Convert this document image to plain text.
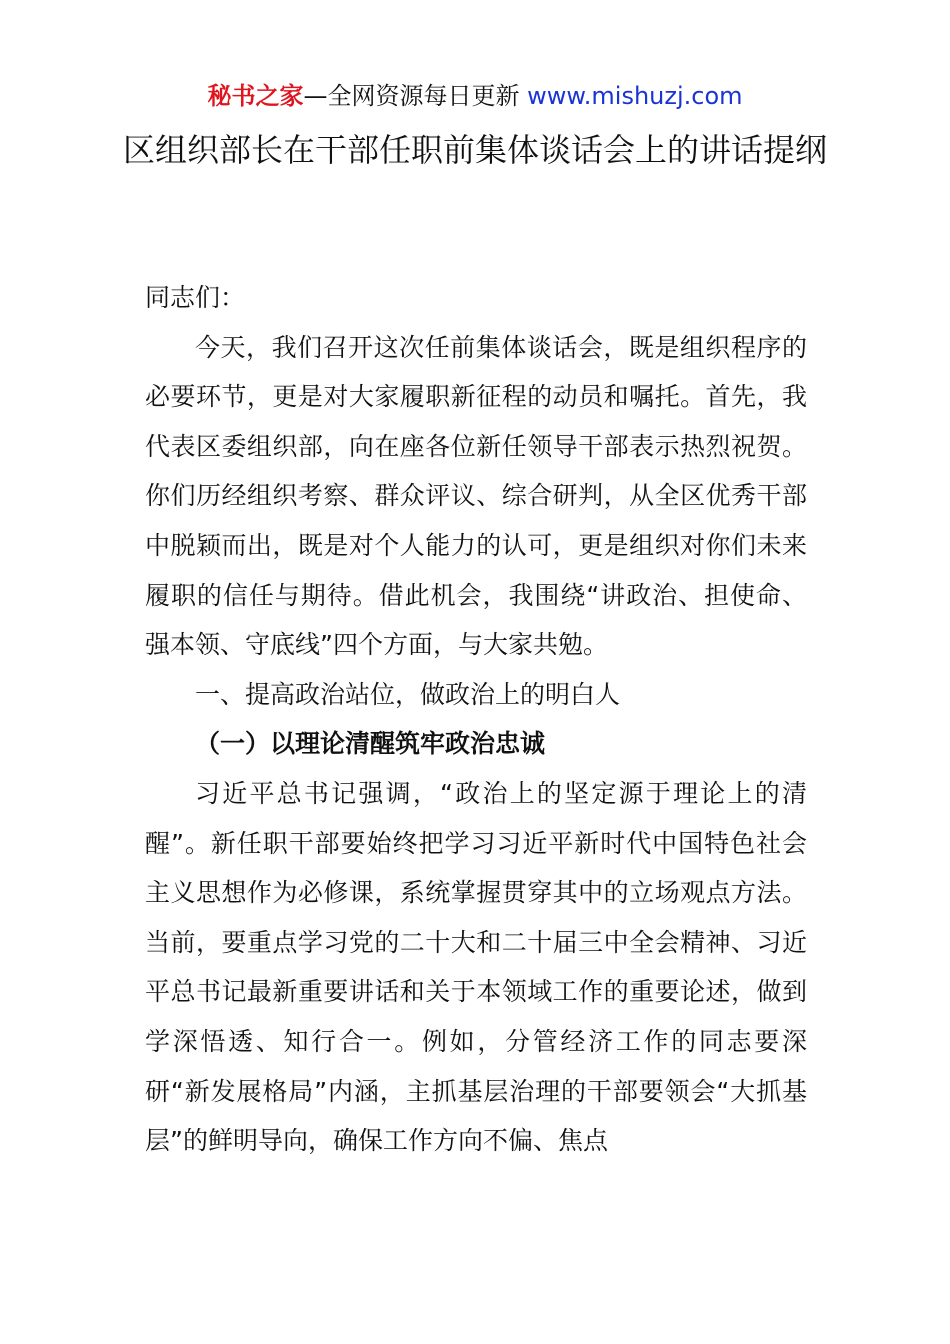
秘书之家—全网资源每日更新 www.mishuzj.com
区组织部长在干部任职前集体谈话会上的讲话提纲

同志们：

今天，我们召开这次任前集体谈话会，既是组织程序的必要环节，更是对大家履职新征程的动员和嘱托。首先，我代表区委组织部，向在座各位新任领导干部表示热烈祝贺。你们历经组织考察、群众评议、综合研判，从全区优秀干部中脱颖而出，既是对个人能力的认可，更是组织对你们未来履职的信任与期待。借此机会，我围绕“讲政治、担使命、强本领、守底线”四个方面，与大家共勉。

一、提高政治站位，做政治上的明白人

（一）以理论清醒筑牢政治忠诚

习近平总书记强调，“政治上的坚定源于理论上的清醒”。新任职干部要始终把学习习近平新时代中国特色社会主义思想作为必修课，系统掌握贯穿其中的立场观点方法。当前，要重点学习党的二十大和二十届三中全会精神、习近平总书记最新重要讲话和关于本领域工作的重要论述，做到学深悟透、知行合一。例如，分管经济工作的同志要深研“新发展格局”内涵，主抓基层治理的干部要领会“大抓基层”的鲜明导向，确保工作方向不偏、焦点
